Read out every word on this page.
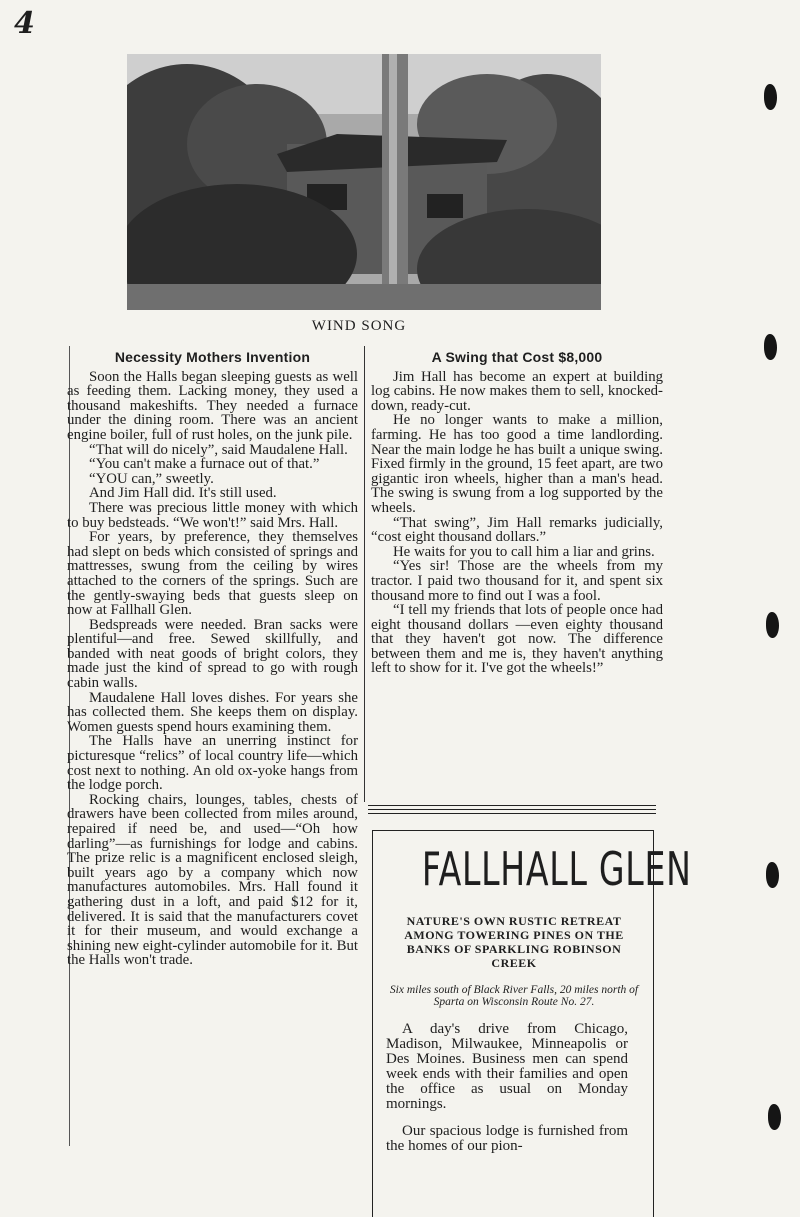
4
WIND SONG
Necessity Mothers Invention

Soon the Halls began sleeping guests as well as feeding them. Lacking money, they used a thousand makeshifts. They needed a furnace under the dining room. There was an ancient engine boiler, full of rust holes, on the junk pile.

“That will do nicely”, said Maudalene Hall.

“You can't make a furnace out of that.”

“YOU can,” sweetly.

And Jim Hall did. It's still used.

There was precious little money with which to buy bedsteads. “We won't!” said Mrs. Hall.

For years, by preference, they themselves had slept on beds which consisted of springs and mattresses, swung from the ceiling by wires attached to the corners of the springs. Such are the gently-swaying beds that guests sleep on now at Fallhall Glen.

Bedspreads were needed. Bran sacks were plentiful—and free. Sewed skillfully, and banded with neat goods of bright colors, they made just the kind of spread to go with rough cabin walls.

Maudalene Hall loves dishes. For years she has collected them. She keeps them on display. Women guests spend hours examining them.

The Halls have an unerring instinct for picturesque “relics” of local country life—which cost next to nothing. An old ox-yoke hangs from the lodge porch.

Rocking chairs, lounges, tables, chests of drawers have been collected from miles around, repaired if need be, and used—“Oh how darling”—as furnishings for lodge and cabins. The prize relic is a magnificent enclosed sleigh, built years ago by a company which now manufactures automobiles. Mrs. Hall found it gathering dust in a loft, and paid $12 for it, delivered. It is said that the manufacturers covet it for their museum, and would exchange a shining new eight-cylinder automobile for it. But the Halls won't trade.

A Swing that Cost $8,000

Jim Hall has become an expert at building log cabins. He now makes them to sell, knocked-down, ready-cut.

He no longer wants to make a million, farming. He has too good a time landlording. Near the main lodge he has built a unique swing. Fixed firmly in the ground, 15 feet apart, are two gigantic iron wheels, higher than a man's head. The swing is swung from a log supported by the wheels.

“That swing”, Jim Hall remarks judicially, “cost eight thousand dollars.”

He waits for you to call him a liar and grins.

“Yes sir! Those are the wheels from my tractor. I paid two thousand for it, and spent six thousand more to find out I was a fool.

“I tell my friends that lots of people once had eight thousand dollars —even eighty thousand that they haven't got now. The difference between them and me is, they haven't anything left to show for it. I've got the wheels!”

FALLHALL GLEN
NATURE'S OWN RUSTIC RETREAT AMONG TOWERING PINES ON THE BANKS OF SPARKLING ROBINSON CREEK
Six miles south of Black River Falls, 20 miles north of Sparta on Wisconsin Route No. 27.

A day's drive from Chicago, Madison, Milwaukee, Minneapolis or Des Moines. Business men can spend week ends with their families and open the office as usual on Monday mornings.

Our spacious lodge is furnished from the homes of our pion-
